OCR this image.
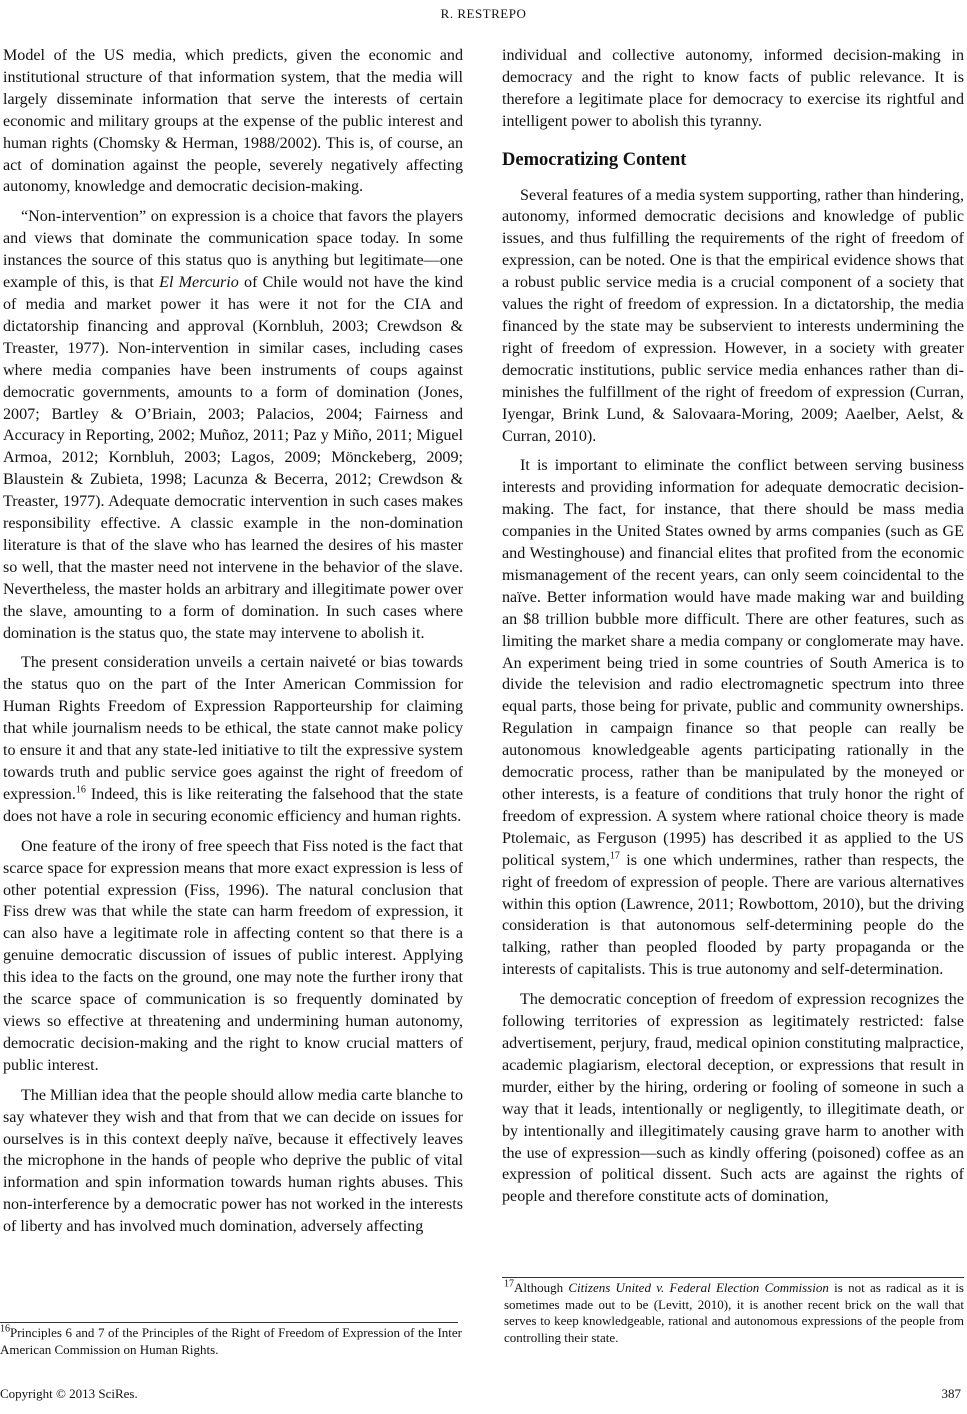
R. RESTREPO

Model of the US media, which predicts, given the economic and institutional structure of that information system, that the media will largely disseminate information that serve the interests of certain economic and military groups at the expense of the public interest and human rights (Chomsky & Herman, 1988/2002). This is, of course, an act of domination against the people, severely negatively affecting autonomy, knowledge and democratic decision-making.

“Non-intervention” on expression is a choice that favors the players and views that dominate the communication space today. In some instances the source of this status quo is anything but legitimate—one example of this, is that El Mercurio of Chile would not have the kind of media and market power it has were it not for the CIA and dictatorship financing and approval (Kornbluh, 2003; Crewdson & Treaster, 1977). Non-intervention in similar cases, including cases where media companies have been instruments of coups against democratic governments, amounts to a form of domination (Jones, 2007; Bartley & O’Briain, 2003; Palacios, 2004; Fairness and Accuracy in Reporting, 2002; Muñoz, 2011; Paz y Miño, 2011; Miguel Armoa, 2012; Kornbluh, 2003; Lagos, 2009; Mönckeberg, 2009; Blaustein & Zubieta, 1998; Lacunza & Becerra, 2012; Crewdson & Treaster, 1977). Adequate democratic intervention in such cases makes responsibility effective. A classic example in the non-domination literature is that of the slave who has learned the desires of his master so well, that the master need not intervene in the behavior of the slave. Nevertheless, the master holds an arbitrary and illegitimate power over the slave, amounting to a form of domination. In such cases where domination is the status quo, the state may intervene to abolish it.

The present consideration unveils a certain naiveté or bias towards the status quo on the part of the Inter American Commission for Human Rights Freedom of Expression Rapporteurship for claiming that while journalism needs to be ethical, the state cannot make policy to ensure it and that any state-led initiative to tilt the expressive system towards truth and public service goes against the right of freedom of expression.$^{16}$ Indeed, this is like reiterating the falsehood that the state does not have a role in securing economic efficiency and human rights.

One feature of the irony of free speech that Fiss noted is the fact that scarce space for expression means that more exact expression is less of other potential expression (Fiss, 1996). The natural conclusion that Fiss drew was that while the state can harm freedom of expression, it can also have a legitimate role in affecting content so that there is a genuine democratic discussion of issues of public interest. Applying this idea to the facts on the ground, one may note the further irony that the scarce space of communication is so frequently dominated by views so effective at threatening and undermining human autonomy, democratic decision-making and the right to know crucial matters of public interest.

The Millian idea that the people should allow media carte blanche to say whatever they wish and that from that we can decide on issues for ourselves is in this context deeply naïve, because it effectively leaves the microphone in the hands of people who deprive the public of vital information and spin information towards human rights abuses. This non-interference by a democratic power has not worked in the interests of liberty and has involved much domination, adversely affecting

individual and collective autonomy, informed decision-making in democracy and the right to know facts of public relevance. It is therefore a legitimate place for democracy to exercise its rightful and intelligent power to abolish this tyranny.

Democratizing Content

Several features of a media system supporting, rather than hindering, autonomy, informed democratic decisions and knowledge of public issues, and thus fulfilling the requirements of the right of freedom of expression, can be noted. One is that the empirical evidence shows that a robust public service media is a crucial component of a society that values the right of freedom of expression. In a dictatorship, the media financed by the state may be subservient to interests undermining the right of freedom of expression. However, in a society with greater democratic institutions, public service media enhances rather than diminishes the fulfillment of the right of freedom of expression (Curran, Iyengar, Brink Lund, & Salovaara-Moring, 2009; Aaelber, Aelst, & Curran, 2010).

It is important to eliminate the conflict between serving business interests and providing information for adequate democratic decision-making. The fact, for instance, that there should be mass media companies in the United States owned by arms companies (such as GE and Westinghouse) and financial elites that profited from the economic mismanagement of the recent years, can only seem coincidental to the naïve. Better information would have made making war and building an $8 trillion bubble more difficult. There are other features, such as limiting the market share a media company or conglomerate may have. An experiment being tried in some countries of South America is to divide the television and radio electromagnetic spectrum into three equal parts, those being for private, public and community ownerships. Regulation in campaign finance so that people can really be autonomous knowledgeable agents participating rationally in the democratic process, rather than be manipulated by the moneyed or other interests, is a feature of conditions that truly honor the right of freedom of expression. A system where rational choice theory is made Ptolemaic, as Ferguson (1995) has described it as applied to the US political system,$^{17}$ is one which undermines, rather than respects, the right of freedom of expression of people. There are various alternatives within this option (Lawrence, 2011; Rowbottom, 2010), but the driving consideration is that autonomous self-determining people do the talking, rather than peopled flooded by party propaganda or the interests of capitalists. This is true autonomy and self-determination.

The democratic conception of freedom of expression recognizes the following territories of expression as legitimately restricted: false advertisement, perjury, fraud, medical opinion constituting malpractice, academic plagiarism, electoral deception, or expressions that result in murder, either by the hiring, ordering or fooling of someone in such a way that it leads, intentionally or negligently, to illegitimate death, or by intentionally and illegitimately causing grave harm to another with the use of expression—such as kindly offering (poisoned) coffee as an expression of political dissent. Such acts are against the rights of people and therefore constitute acts of domination,

$^{17}$Although Citizens United v. Federal Election Commission is not as radical as it is sometimes made out to be (Levitt, 2010), it is another recent brick on the wall that serves to keep knowledgeable, rational and autonomous expressions of the people from controlling their state.
$^{16}$Principles 6 and 7 of the Principles of the Right of Freedom of Expression of the Inter American Commission on Human Rights.
Copyright © 2013 SciRes.	387
